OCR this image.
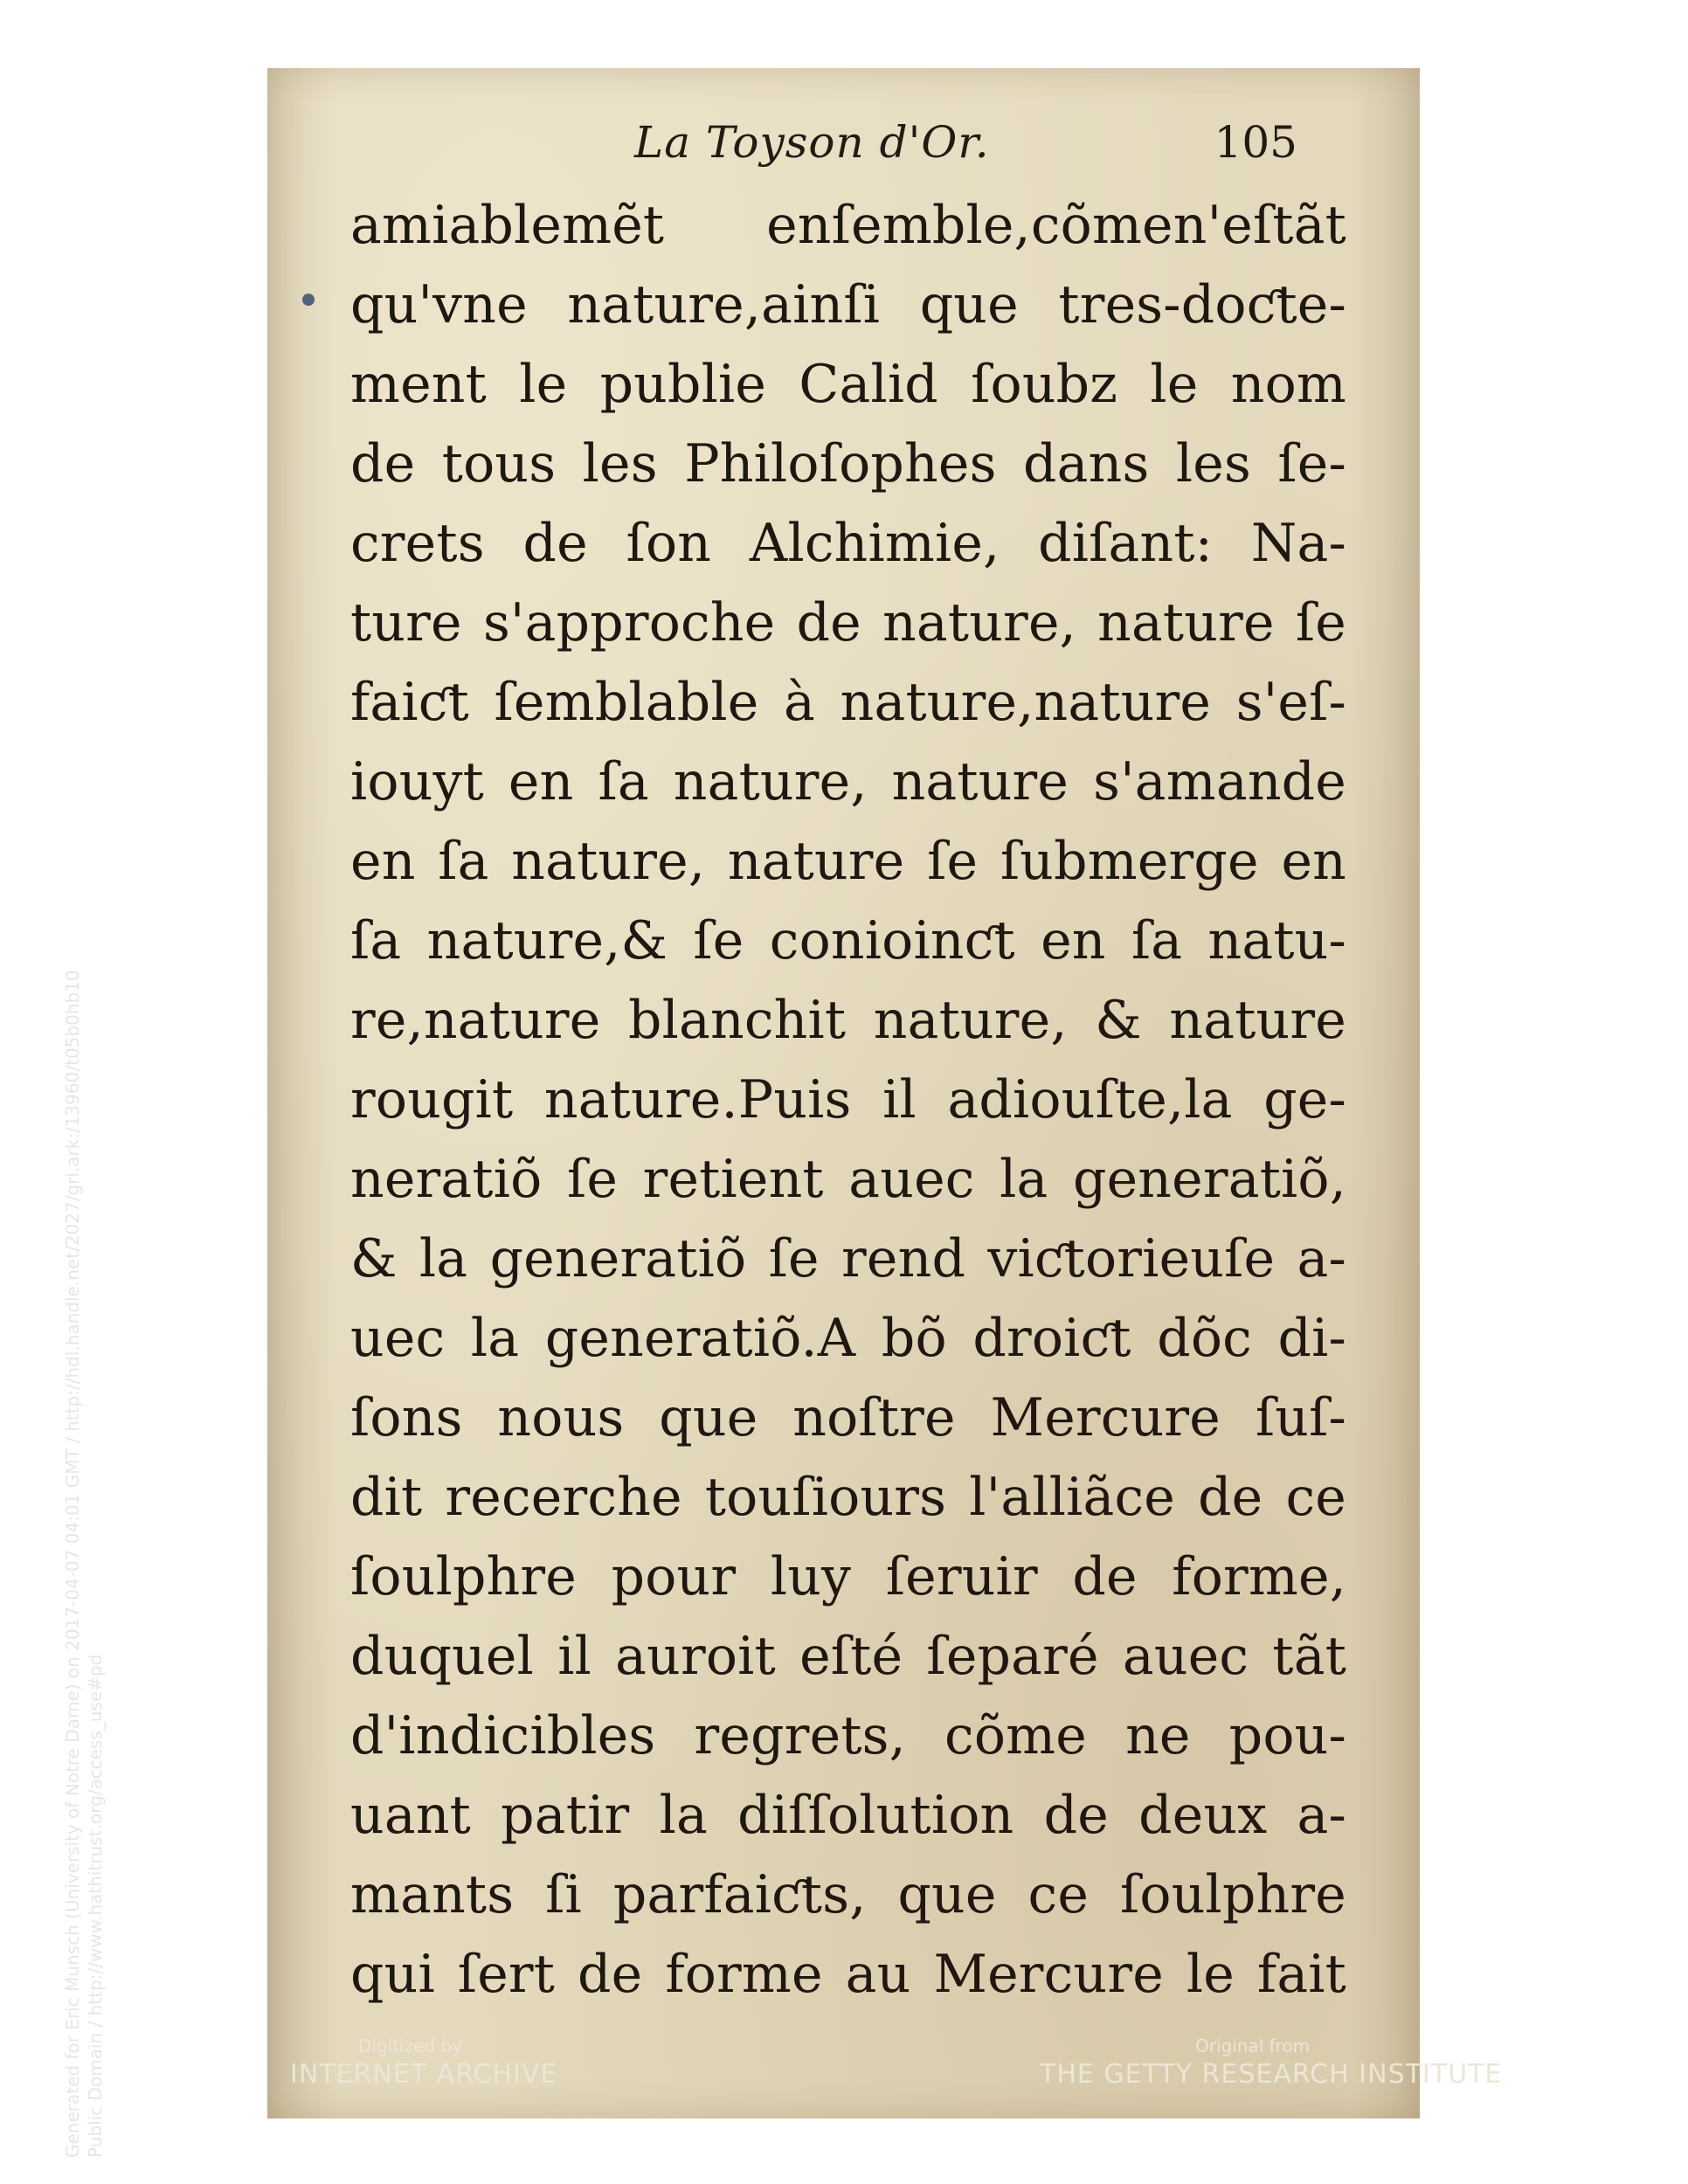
Generated for Eric Munsch (University of Notre Dame) on 2017-04-07 04:01 GMT / http://hdl.handle.net/2027/gri.ark:/13960/t05b0hb10 Public Domain / http://www.hathitrust.org/access_use#pd
La Toyson d'Or.	105
amiablemẽt enſemble,cõmen'eſtãt
qu'vne nature,ainſi que tres-doƈte-
ment le publie Calid ſoubz le nom
de tous les Philoſophes dans les ſe-
crets de ſon Alchimie, diſant: Na-
ture s'approche de nature, nature ſe
faiƈt ſemblable à nature,nature s'eſ-
iouyt en ſa nature, nature s'amande
en ſa nature, nature ſe ſubmerge en
ſa nature,& ſe conioinƈt en ſa natu-
re,nature blanchit nature, & nature
rougit nature.Puis il adiouſte,la ge-
neratiõ ſe retient auec la generatiõ,
& la generatiõ ſe rend viƈtorieuſe a-
uec la generatiõ.A bõ droiƈt dõc di-
ſons nous que noſtre Mercure ſuſ-
dit recerche touſiours l'alliãce de ce
ſoulphre pour luy ſeruir de forme,
duquel il auroit eſté ſeparé auec tãt
d'indicibles regrets, cõme ne pou-
uant patir la diſſolution de deux a-
mants ſi parfaiƈts, que ce ſoulphre
qui ſert de forme au Mercure le fait
Digitized by
INTERNET ARCHIVE
Original from
THE GETTY RESEARCH INSTITUTE
